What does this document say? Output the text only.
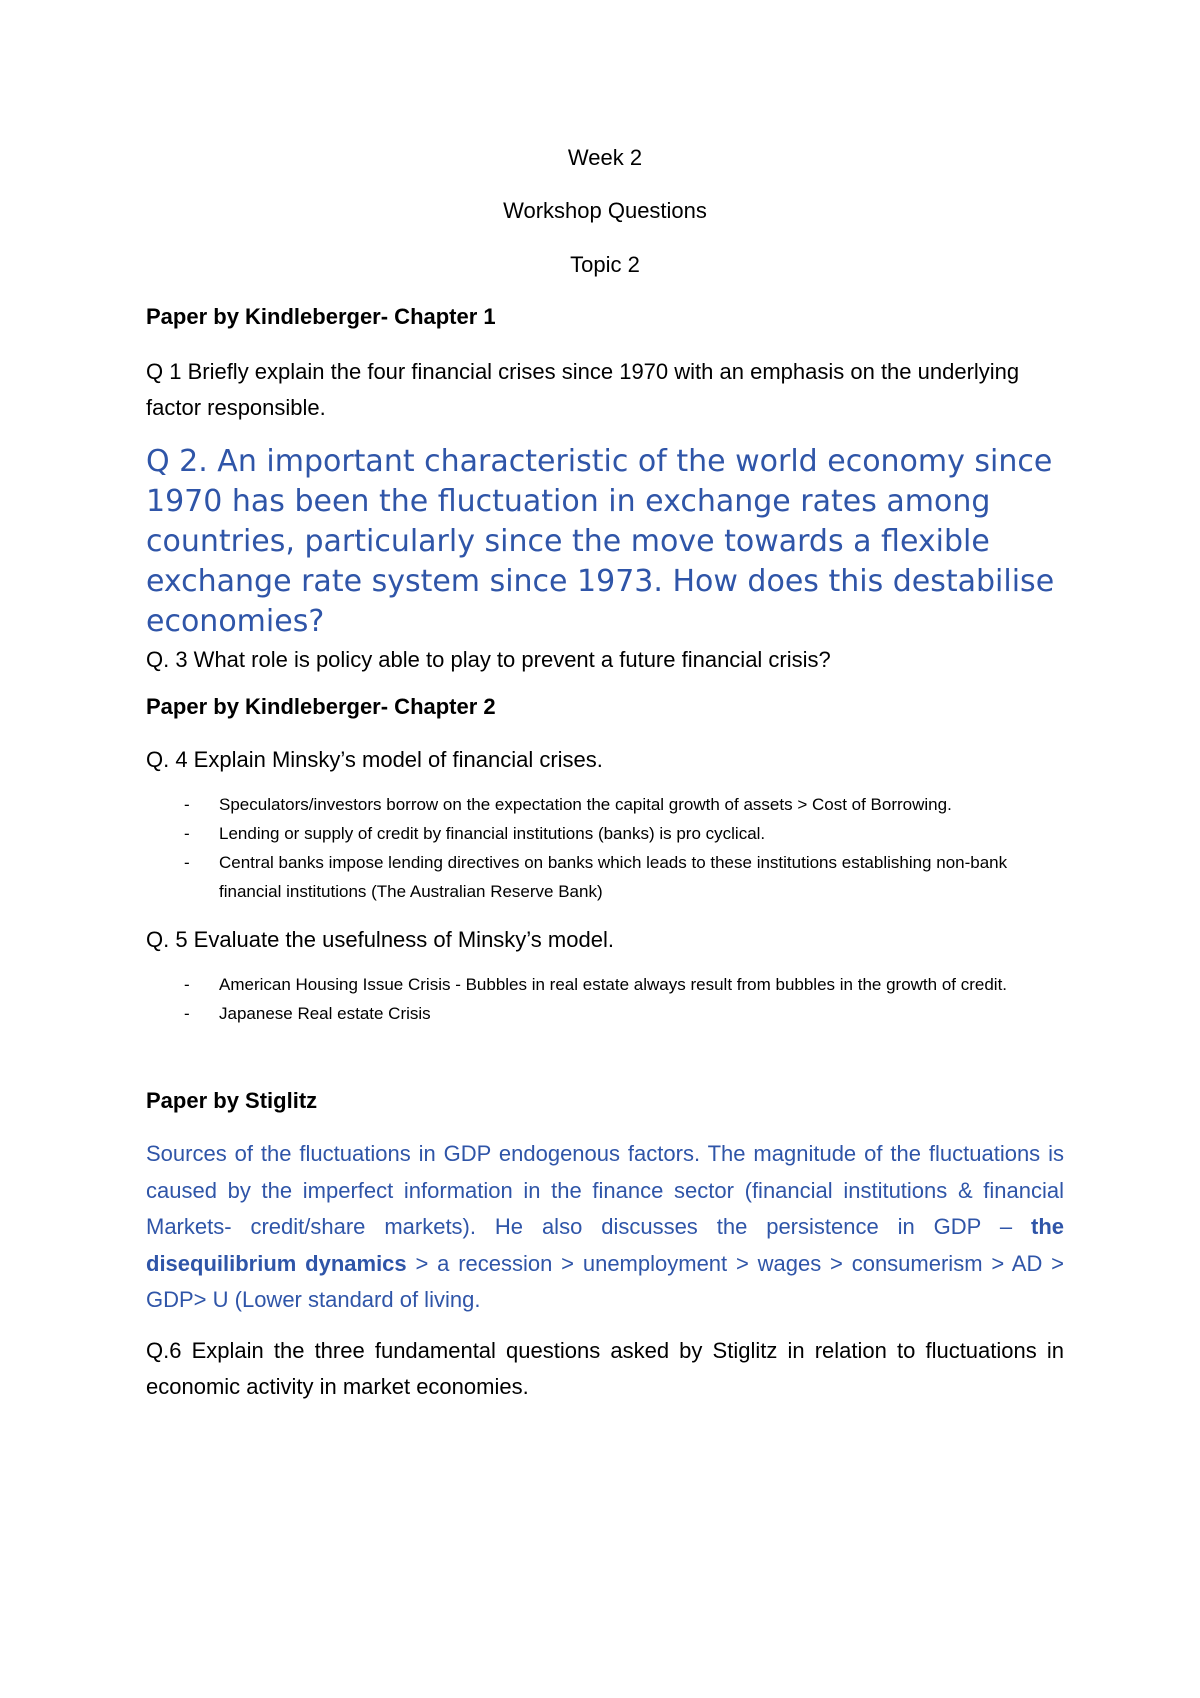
Week 2
Workshop Questions
Topic 2
Paper by Kindleberger- Chapter 1
Q 1 Briefly explain the four financial crises since 1970 with an emphasis on the underlying factor responsible.
Q 2. An important characteristic of the world economy since 1970 has been the fluctuation in exchange rates among countries, particularly since the move towards a flexible exchange rate system since 1973. How does this destabilise economies?
Q. 3 What role is policy able to play to prevent a future financial crisis?
Paper by Kindleberger- Chapter 2
Q. 4 Explain Minsky’s model of financial crises.
- Speculators/investors borrow on the expectation the capital growth of assets > Cost of Borrowing.
- Lending or supply of credit by financial institutions (banks) is pro cyclical.
- Central banks impose lending directives on banks which leads to these institutions establishing non-bank financial institutions (The Australian Reserve Bank)
Q. 5 Evaluate the usefulness of Minsky’s model.
- American Housing Issue Crisis - Bubbles in real estate always result from bubbles in the growth of credit.
- Japanese Real estate Crisis
Paper by Stiglitz
Sources of the fluctuations in GDP endogenous factors. The magnitude of the fluctuations is caused by the imperfect information in the finance sector (financial institutions & financial Markets- credit/share markets). He also discusses the persistence in GDP – the disequilibrium dynamics > a recession > unemployment > wages > consumerism > AD > GDP> U (Lower standard of living.
Q.6 Explain the three fundamental questions asked by Stiglitz in relation to fluctuations in economic activity in market economies.
